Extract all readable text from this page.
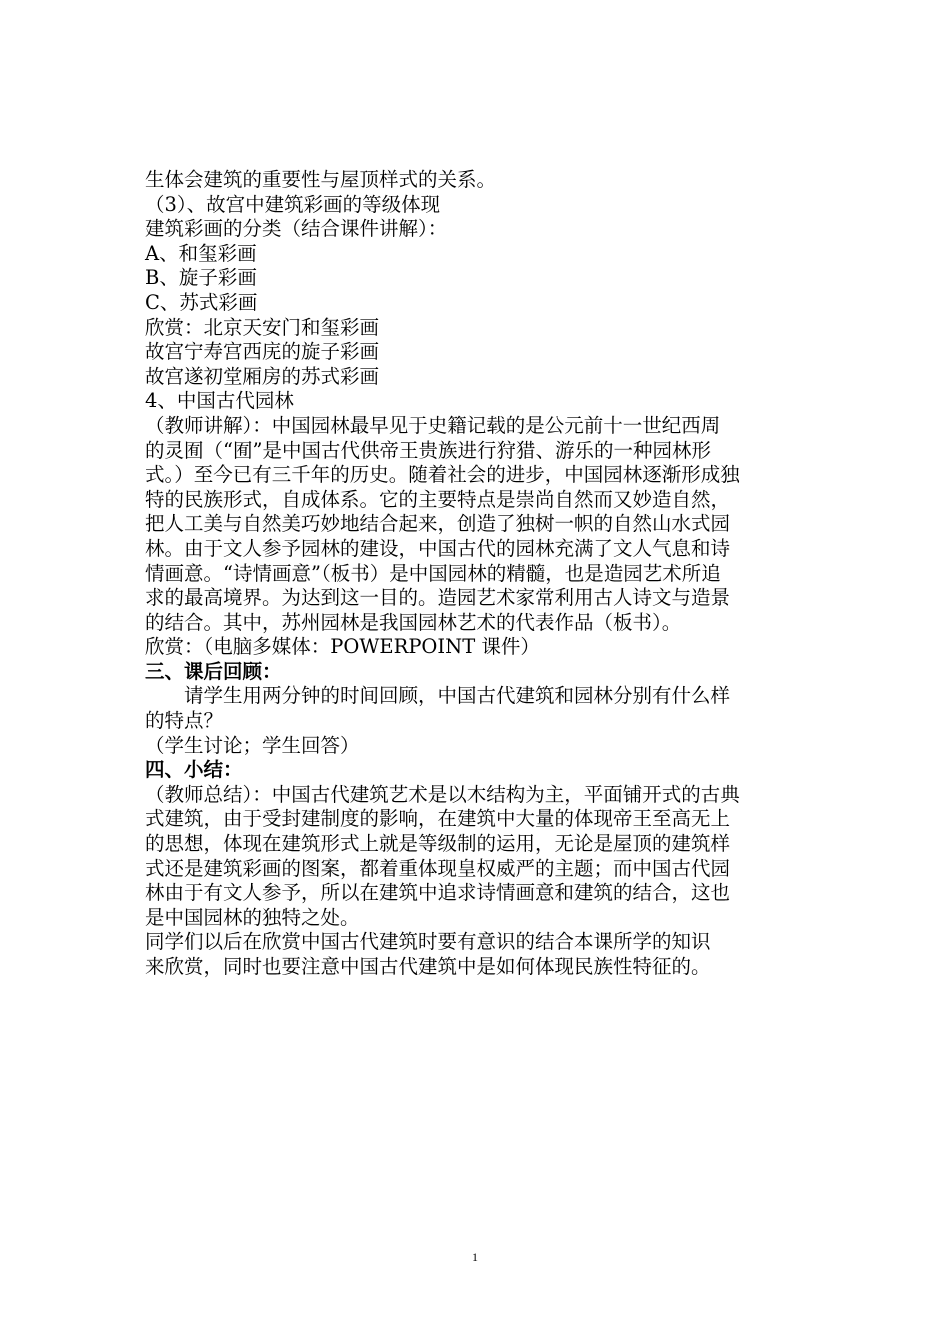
生体会建筑的重要性与屋顶样式的关系。
（3）、故宫中建筑彩画的等级体现
建筑彩画的分类（结合课件讲解）：
A、和玺彩画
B、旋子彩画
C、苏式彩画
欣赏：北京天安门和玺彩画
故宫宁寿宫西庑的旋子彩画
故宫遂初堂厢房的苏式彩画
4、中国古代园林
（教师讲解）：中国园林最早见于史籍记载的是公元前十一世纪西周
的灵囿（“囿”是中国古代供帝王贵族进行狩猎、游乐的一种园林形
式。）至今已有三千年的历史。随着社会的进步，中国园林逐渐形成独
特的民族形式，自成体系。它的主要特点是崇尚自然而又妙造自然，
把人工美与自然美巧妙地结合起来，创造了独树一帜的自然山水式园
林。由于文人参予园林的建设，中国古代的园林充满了文人气息和诗
情画意。“诗情画意”（板书）是中国园林的精髓，也是造园艺术所追
求的最高境界。为达到这一目的。造园艺术家常利用古人诗文与造景
的结合。其中，苏州园林是我国园林艺术的代表作品（板书）。
欣赏：（电脑多媒体：POWERPOINT 课件）
三、课后回顾：
请学生用两分钟的时间回顾，中国古代建筑和园林分别有什么样
的特点？
（学生讨论；学生回答）
四、小结：
（教师总结）：中国古代建筑艺术是以木结构为主，平面铺开式的古典
式建筑，由于受封建制度的影响，在建筑中大量的体现帝王至高无上
的思想，体现在建筑形式上就是等级制的运用，无论是屋顶的建筑样
式还是建筑彩画的图案，都着重体现皇权威严的主题；而中国古代园
林由于有文人参予，所以在建筑中追求诗情画意和建筑的结合，这也
是中国园林的独特之处。
同学们以后在欣赏中国古代建筑时要有意识的结合本课所学的知识
来欣赏，同时也要注意中国古代建筑中是如何体现民族性特征的。
1
